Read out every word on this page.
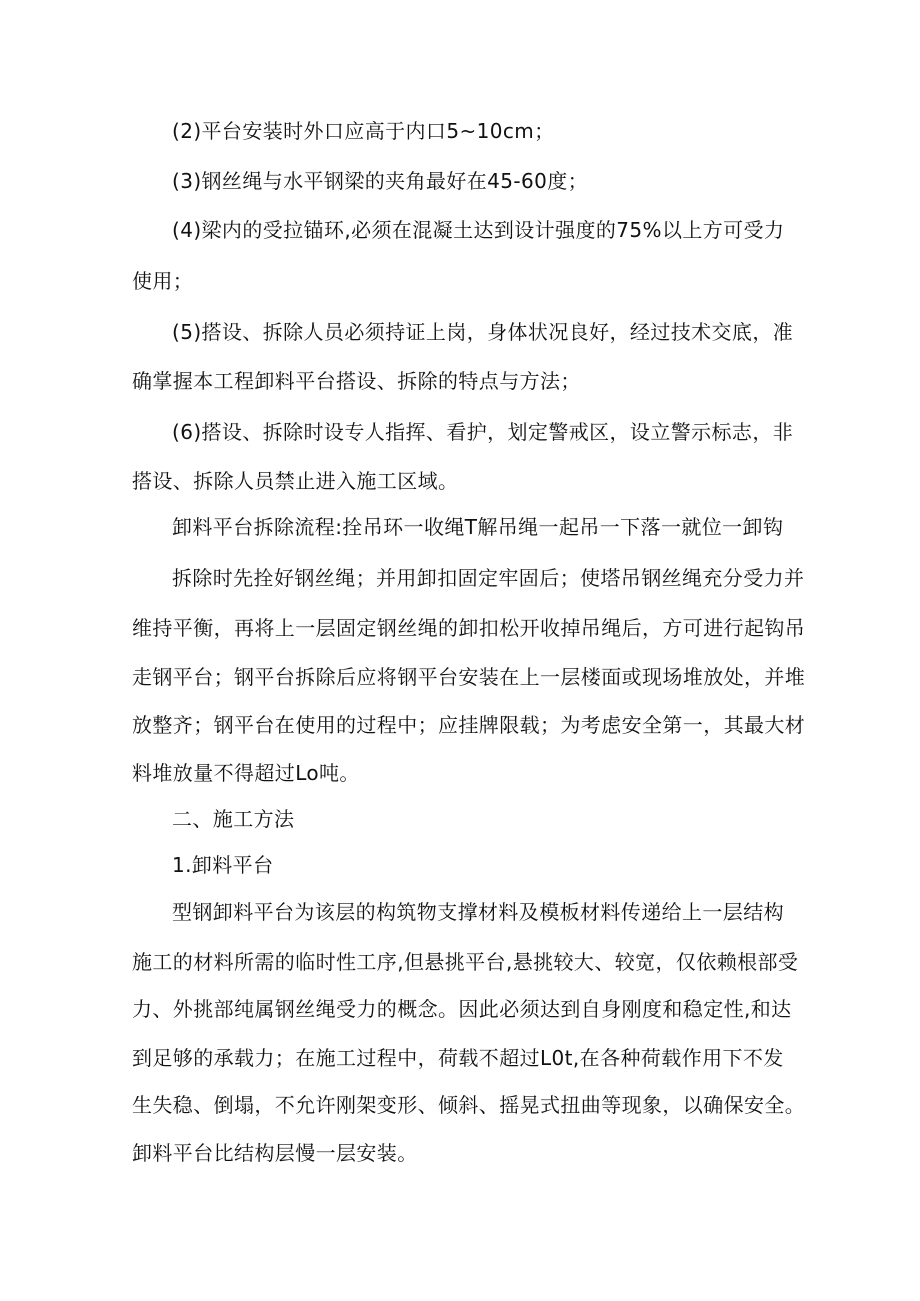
(2)平台安装时外口应高于内口5~10cm；

(3)钢丝绳与水平钢梁的夹角最好在45-60度；

(4)梁内的受拉锚环,必须在混凝土达到设计强度的75%以上方可受力

使用；

(5)搭设、拆除人员必须持证上岗，身体状况良好，经过技术交底，准

确掌握本工程卸料平台搭设、拆除的特点与方法；

(6)搭设、拆除时设专人指挥、看护，划定警戒区，设立警示标志，非

搭设、拆除人员禁止进入施工区域。

卸料平台拆除流程:拴吊环一收绳T解吊绳一起吊一下落一就位一卸钩

拆除时先拴好钢丝绳；并用卸扣固定牢固后；使塔吊钢丝绳充分受力并

维持平衡，再将上一层固定钢丝绳的卸扣松开收掉吊绳后，方可进行起钩吊

走钢平台；钢平台拆除后应将钢平台安装在上一层楼面或现场堆放处，并堆

放整齐；钢平台在使用的过程中；应挂牌限载；为考虑安全第一，其最大材

料堆放量不得超过Lo吨。

二、施工方法

1.卸料平台

型钢卸料平台为该层的构筑物支撑材料及模板材料传递给上一层结构

施工的材料所需的临时性工序,但悬挑平台,悬挑较大、较宽，仅依赖根部受

力、外挑部纯属钢丝绳受力的概念。因此必须达到自身刚度和稳定性,和达

到足够的承载力；在施工过程中，荷载不超过L0t,在各种荷载作用下不发

生失稳、倒塌，不允许刚架变形、倾斜、摇晃式扭曲等现象，以确保安全。

卸料平台比结构层慢一层安装。
